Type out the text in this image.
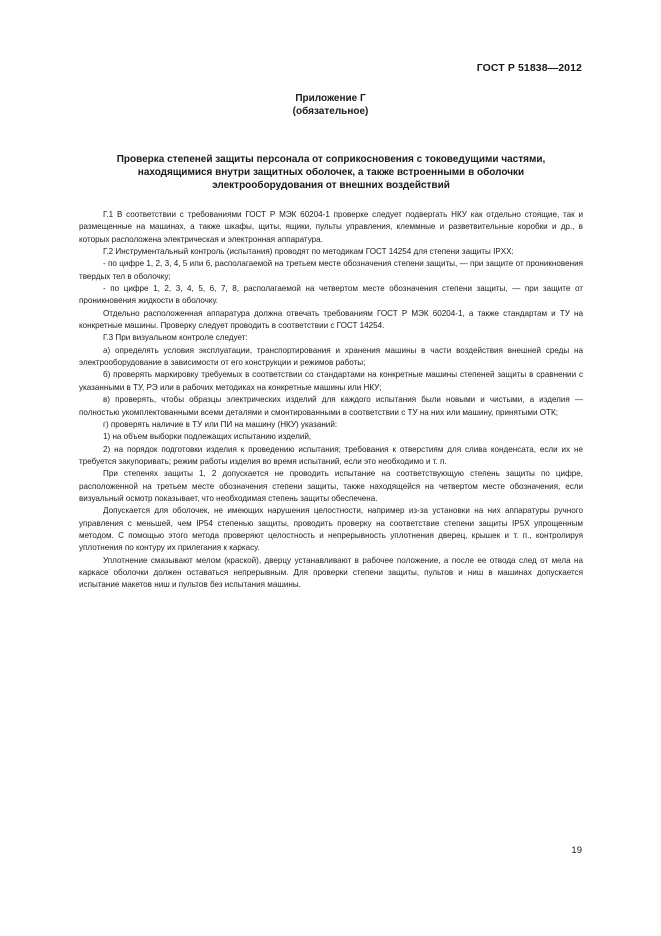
ГОСТ Р 51838—2012
Приложение Г
(обязательное)
Проверка степеней защиты персонала от соприкосновения с токоведущими частями,
находящимися внутри защитных оболочек, а также встроенными в оболочки
электрооборудования от внешних воздействий

Г.1 В соответствии с требованиями ГОСТ Р МЭК 60204-1 проверке следует подвергать НКУ как отдельно стоящие, так и размещенные на машинах, а также шкафы, щиты, ящики, пульты управления, клеммные и разветвительные коробки и др., в которых расположена электрическая и электронная аппаратура.

Г.2 Инструментальный контроль (испытания) проводят по методикам ГОСТ 14254 для степени защиты IPXX:

- по цифре 1, 2, 3, 4, 5 или 6, располагаемой на третьем месте обозначения степени защиты, — при защите от проникновения твердых тел в оболочку;

- по цифре 1, 2, 3, 4, 5, 6, 7, 8, располагаемой на четвертом месте обозначения степени защиты, — при защите от проникновения жидкости в оболочку.

Отдельно расположенная аппаратура должна отвечать требованиям ГОСТ Р МЭК 60204-1, а также стандартам и ТУ на конкретные машины. Проверку следует проводить в соответствии с ГОСТ 14254.

Г.3 При визуальном контроле следует:

а) определять условия эксплуатации, транспортирования и хранения машины в части воздействия внешней среды на электрооборудование в зависимости от его конструкции и режимов работы;

б) проверять маркировку требуемых в соответствии со стандартами на конкретные машины степеней защиты в сравнении с указанными в ТУ, РЭ или в рабочих методиках на конкретные машины или НКУ;

в) проверять, чтобы образцы электрических изделий для каждого испытания были новыми и чистыми, а изделия — полностью укомплектованными всеми деталями и смонтированными в соответствии с ТУ на них или машину, принятыми ОТК;

г) проверять наличие в ТУ или ПИ на машину (НКУ) указаний:

1) на объем выборки подлежащих испытанию изделий,

2) на порядок подготовки изделия к проведению испытания; требования к отверстиям для слива конденсата, если их не требуется закупоривать; режим работы изделия во время испытаний, если это необходимо и т. п.

При степенях защиты 1, 2 допускается не проводить испытание на соответствующую степень защиты по цифре, расположенной на третьем месте обозначения степени защиты, также находящейся на четвертом месте обозначения, если визуальный осмотр показывает, что необходимая степень защиты обеспечена.

Допускается для оболочек, не имеющих нарушения целостности, например из-за установки на них аппаратуры ручного управления с меньшей, чем IP54 степенью защиты, проводить проверку на соответствие степени защиты IP5X упрощенным методом. С помощью этого метода проверяют целостность и непрерывность уплотнения дверец, крышек и т. п., контролируя уплотнения по контуру их прилегания к каркасу.

Уплотнение смазывают мелом (краской), дверцу устанавливают в рабочее положение, а после ее отвода след от мела на каркасе оболочки должен оставаться непрерывным. Для проверки степени защиты, пультов и ниш в машинах допускается испытание макетов ниш и пультов без испытания машины.

19
